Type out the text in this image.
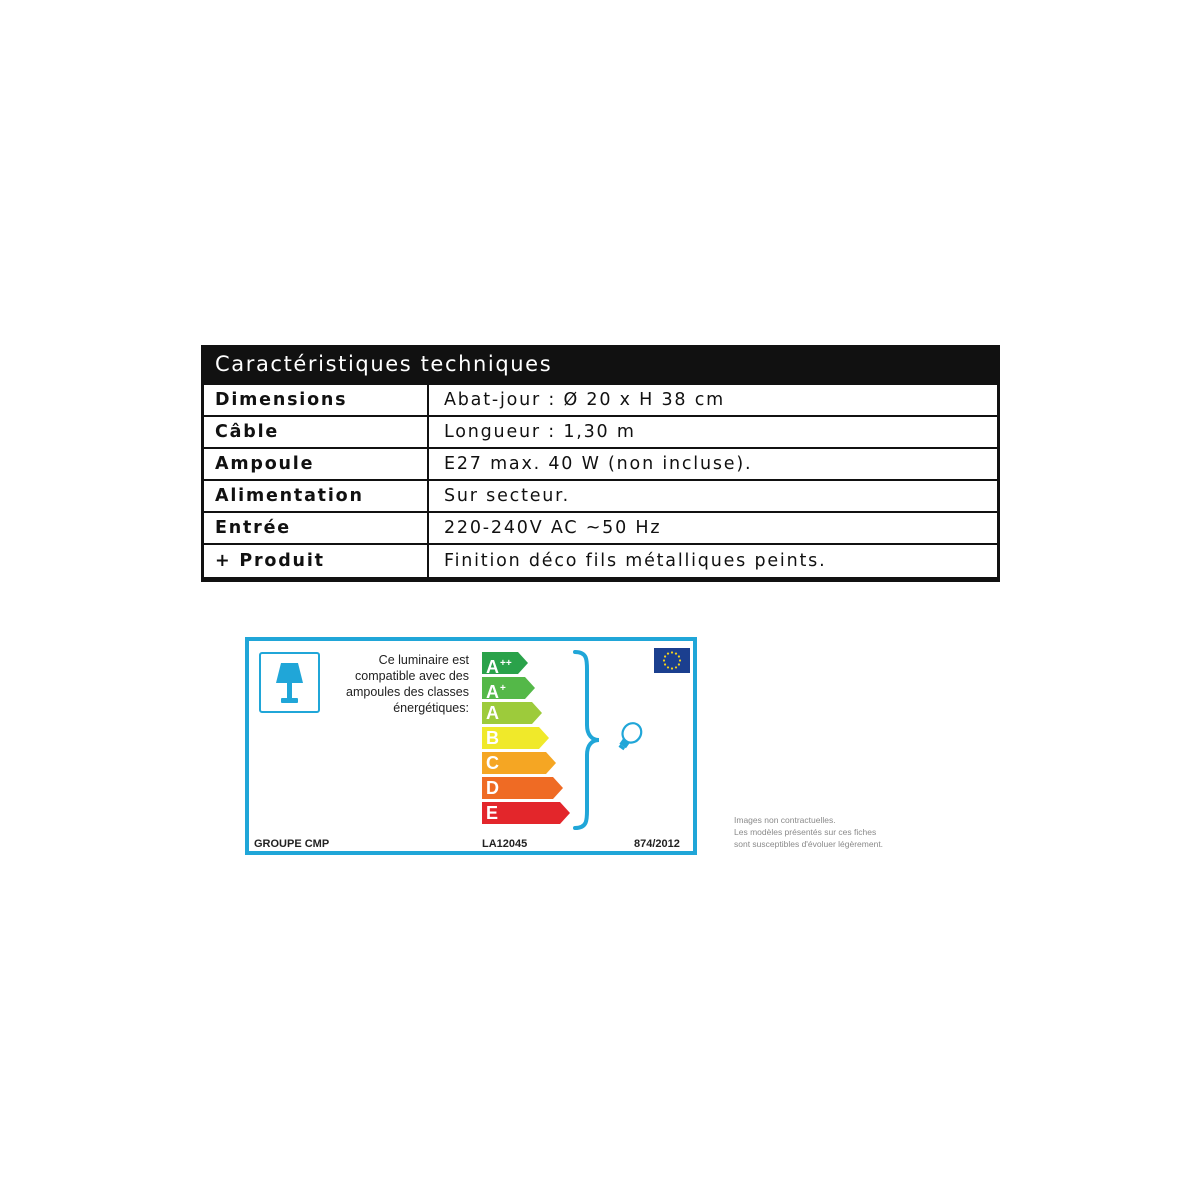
Caractéristiques techniques
Dimensions	Abat-jour : Ø 20 x H 38 cm
Câble	Longueur : 1,30 m
Ampoule	E27 max. 40 W (non incluse).
Alimentation	Sur secteur.
Entrée	220-240V AC ~50 Hz
+ Produit	Finition déco fils métalliques peints.
Ce luminaire est
compatible avec des
ampoules des classes
énergétiques:
A++
A+
A
B
C
D
E
GROUPE CMP	LA12045	874/2012
Images non contractuelles.
Les modèles présentés sur ces fiches
sont susceptibles d'évoluer légèrement.
